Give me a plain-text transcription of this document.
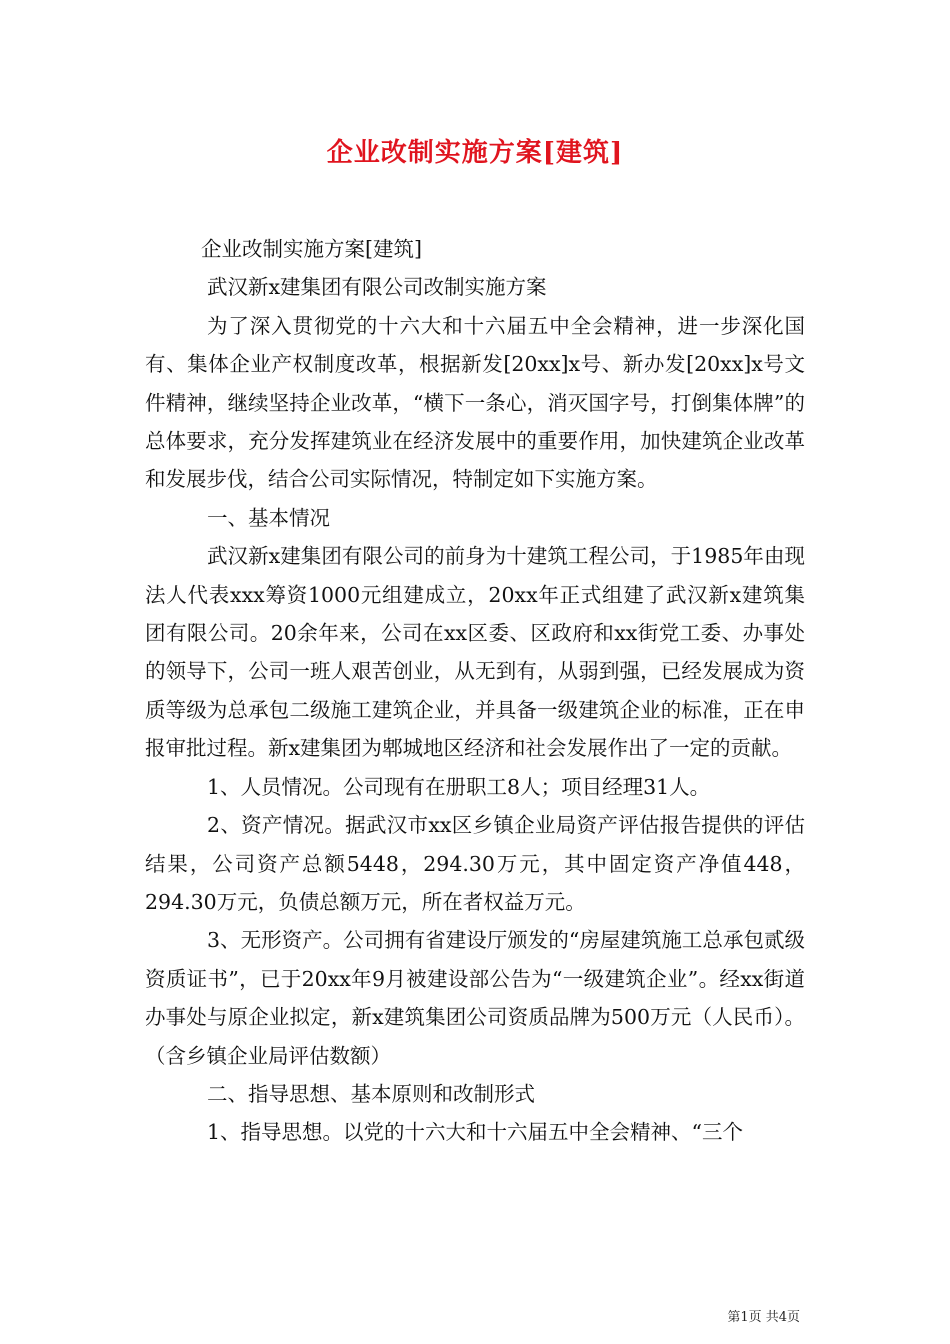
企业改制实施方案[建筑]

企业改制实施方案[建筑]

武汉新x建集团有限公司改制实施方案

为了深入贯彻党的十六大和十六届五中全会精神，进一步深化国有、集体企业产权制度改革，根据新发[20xx]x号、新办发[20xx]x号文件精神，继续坚持企业改革，“横下一条心，消灭国字号，打倒集体牌”的总体要求，充分发挥建筑业在经济发展中的重要作用，加快建筑企业改革和发展步伐，结合公司实际情况，特制定如下实施方案。

一、基本情况

武汉新x建集团有限公司的前身为十建筑工程公司，于1985年由现法人代表xxx筹资1000元组建成立，20xx年正式组建了武汉新x建筑集团有限公司。20余年来，公司在xx区委、区政府和xx街党工委、办事处的领导下，公司一班人艰苦创业，从无到有，从弱到强，已经发展成为资质等级为总承包二级施工建筑企业，并具备一级建筑企业的标准，正在申报审批过程。新x建集团为郫城地区经济和社会发展作出了一定的贡献。

1、人员情况。公司现有在册职工8人；项目经理31人。

2、资产情况。据武汉市xx区乡镇企业局资产评估报告提供的评估结果，公司资产总额5448，294.30万元，其中固定资产净值448，294.30万元，负债总额万元，所在者权益万元。

3、无形资产。公司拥有省建设厅颁发的“房屋建筑施工总承包贰级资质证书”，已于20xx年9月被建设部公告为“一级建筑企业”。经xx街道办事处与原企业拟定，新x建筑集团公司资质品牌为500万元（人民币）。（含乡镇企业局评估数额）

二、指导思想、基本原则和改制形式

1、指导思想。以党的十六大和十六届五中全会精神、“三个

第1页 共4页
